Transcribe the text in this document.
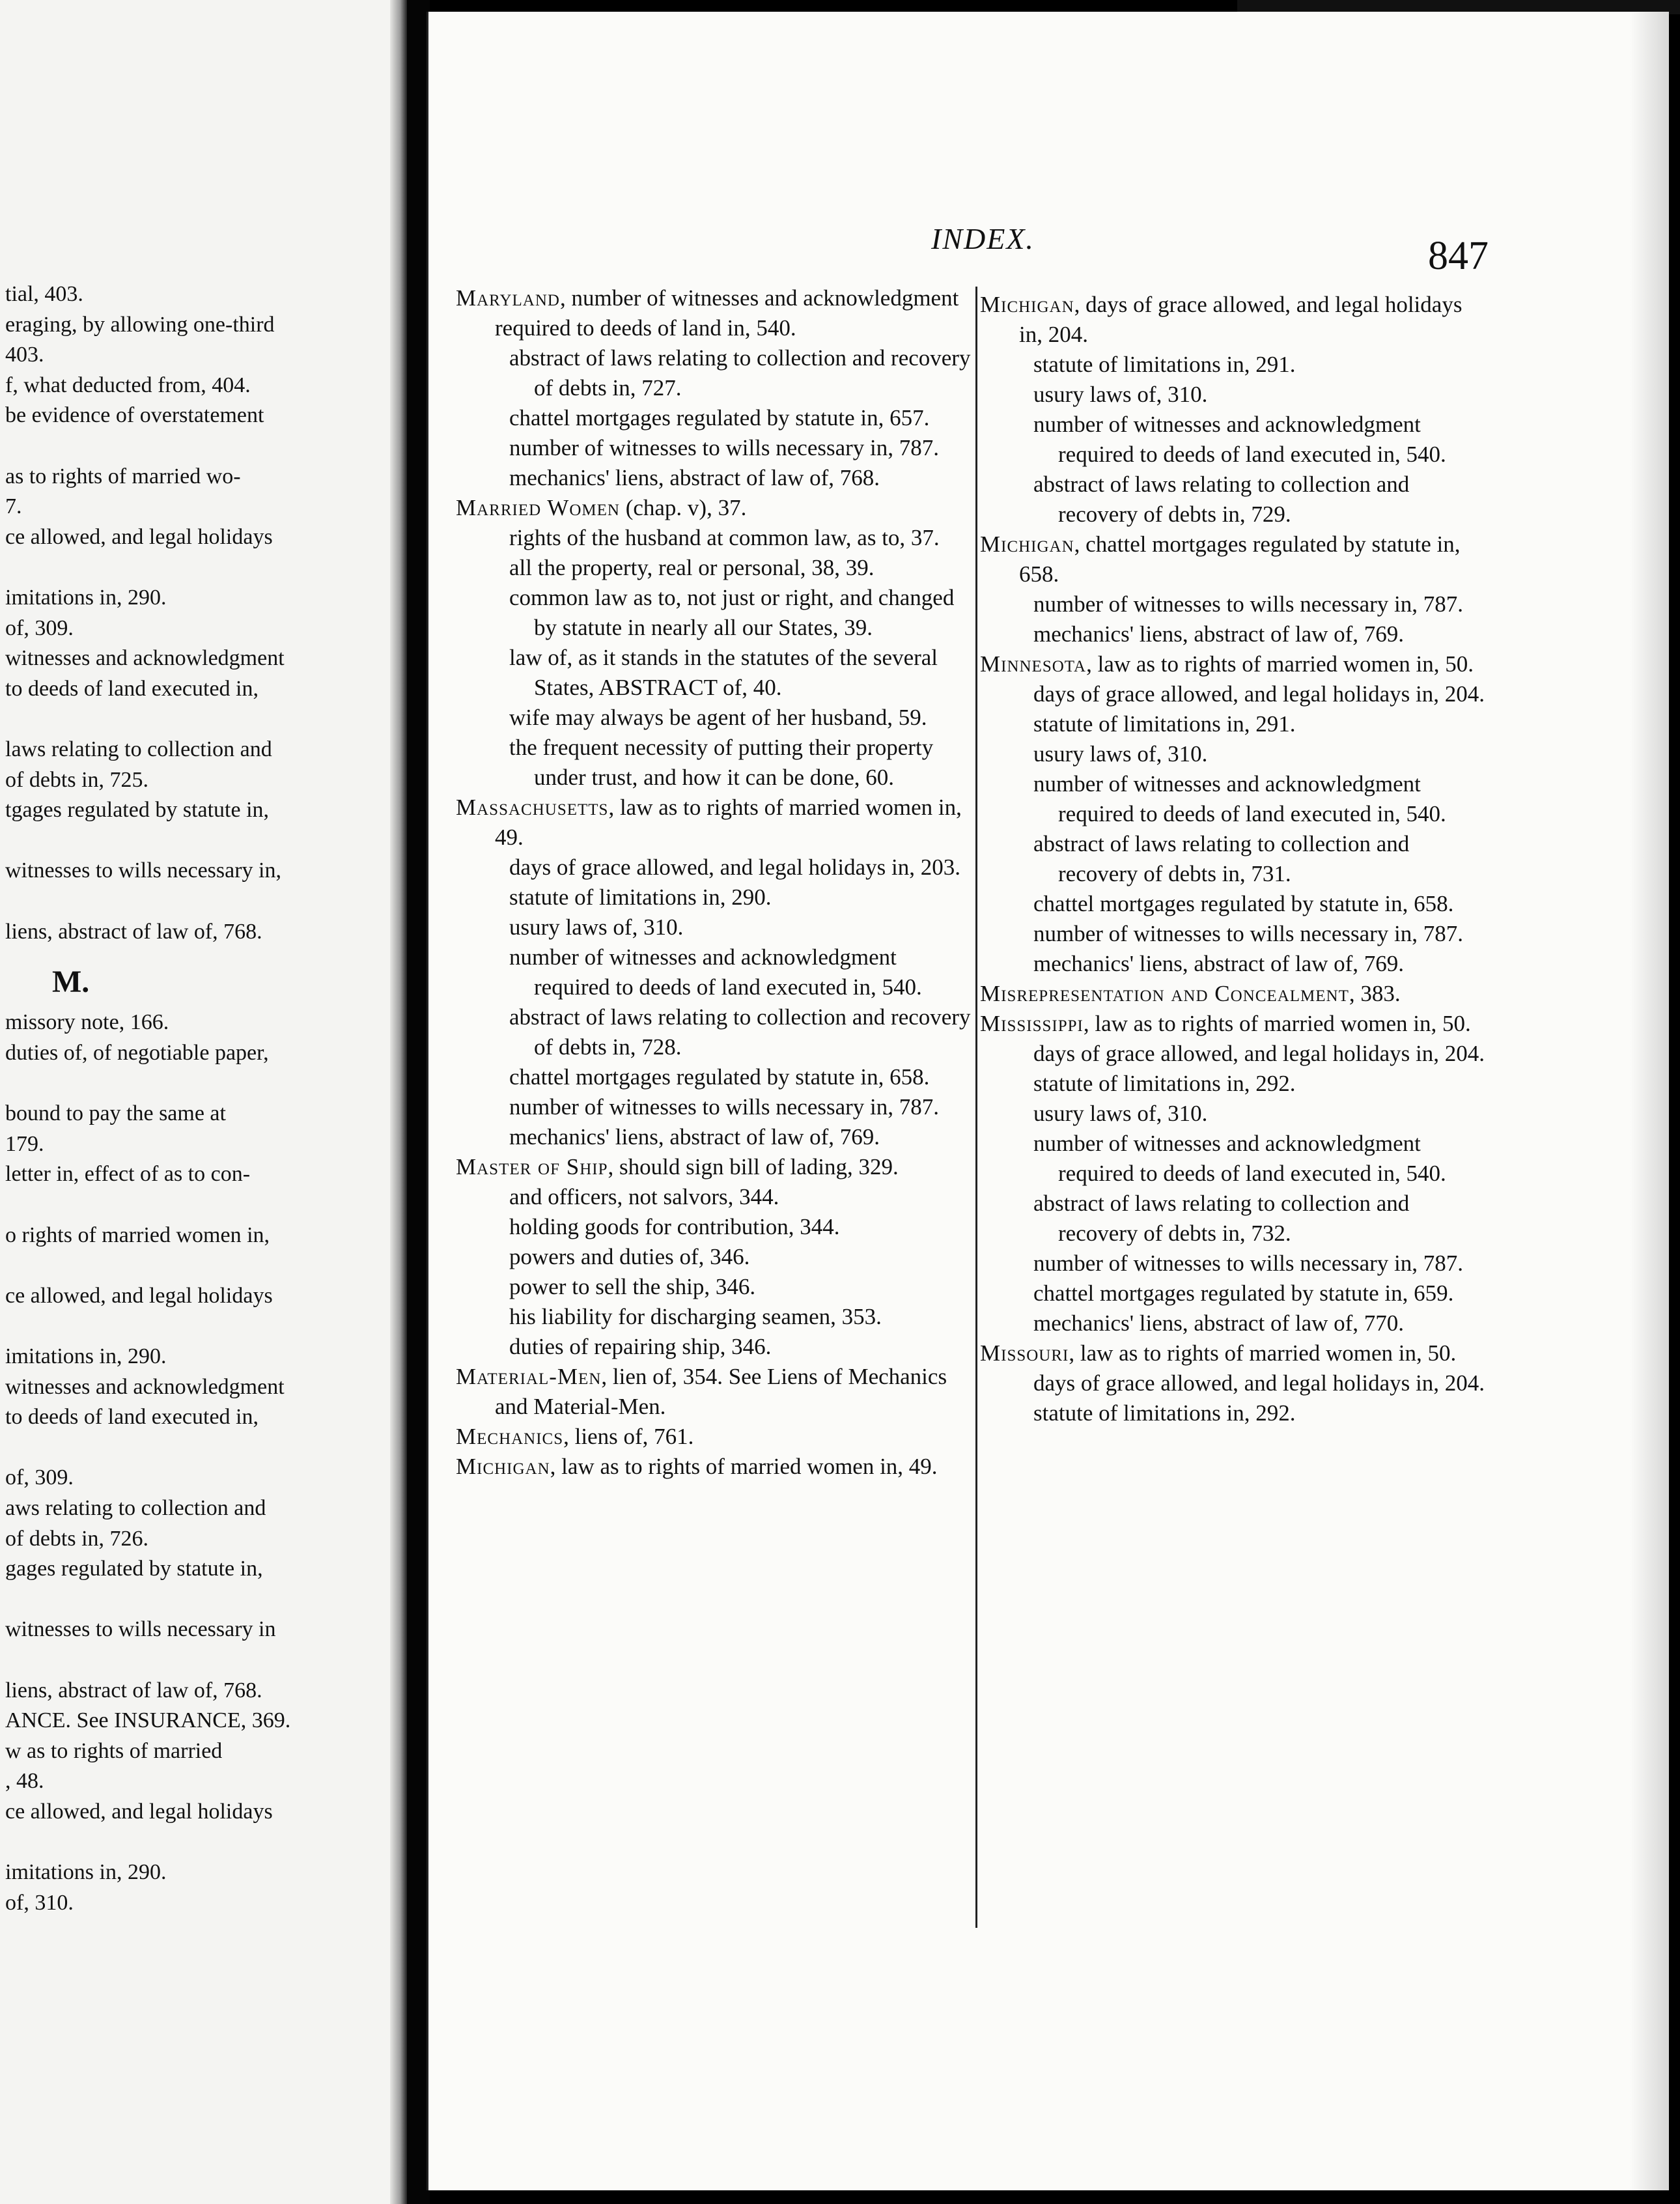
tial, 403.
eraging, by allowing one-third
403.
f, what deducted from, 404.
be evidence of overstatement
as to rights of married wo-
7.
ce allowed, and legal holidays
imitations in, 290.
of, 309.
witnesses and acknowledgment
to deeds of land executed in,
laws relating to collection and
of debts in, 725.
tgages regulated by statute in,
witnesses to wills necessary in,
liens, abstract of law of, 768.
missory note, 166.
duties of, of negotiable paper,
bound to pay the same at
179.
letter in, effect of as to con-
o rights of married women in,
ce allowed, and legal holidays
imitations in, 290.
witnesses and acknowledgment
to deeds of land executed in,
of, 309.
aws relating to collection and
of debts in, 726.
gages regulated by statute in,
witnesses to wills necessary in
liens, abstract of law of, 768.
ANCE. See INSURANCE, 369.
w as to rights of married
, 48.
ce allowed, and legal holidays
imitations in, 290.
of, 310.
M.
INDEX.	847
Maryland, number of witnesses and acknowledgment required to deeds of land in, 540.
abstract of laws relating to collection and recovery of debts in, 727.
chattel mortgages regulated by statute in, 657.
number of witnesses to wills necessary in, 787.
mechanics' liens, abstract of law of, 768.
Married Women (chap. v), 37.
rights of the husband at common law, as to, 37.
all the property, real or personal, 38, 39.
common law as to, not just or right, and changed by statute in nearly all our States, 39.
law of, as it stands in the statutes of the several States, ABSTRACT of, 40.
wife may always be agent of her husband, 59.
the frequent necessity of putting their property under trust, and how it can be done, 60.
Massachusetts, law as to rights of married women in, 49.
days of grace allowed, and legal holidays in, 203.
statute of limitations in, 290.
usury laws of, 310.
number of witnesses and acknowledgment required to deeds of land executed in, 540.
abstract of laws relating to collection and recovery of debts in, 728.
chattel mortgages regulated by statute in, 658.
number of witnesses to wills necessary in, 787.
mechanics' liens, abstract of law of, 769.
Master of Ship, should sign bill of lading, 329.
and officers, not salvors, 344.
holding goods for contribution, 344.
powers and duties of, 346.
power to sell the ship, 346.
his liability for discharging seamen, 353.
duties of repairing ship, 346.
Material-Men, lien of, 354. See Liens of Mechanics and Material-Men.
Mechanics, liens of, 761.
Michigan, law as to rights of married women in, 49.
Michigan, days of grace allowed, and legal holidays in, 204.
statute of limitations in, 291.
usury laws of, 310.
number of witnesses and acknowledgment required to deeds of land executed in, 540.
abstract of laws relating to collection and recovery of debts in, 729.
Michigan, chattel mortgages regulated by statute in, 658.
number of witnesses to wills necessary in, 787.
mechanics' liens, abstract of law of, 769.
Minnesota, law as to rights of married women in, 50.
days of grace allowed, and legal holidays in, 204.
statute of limitations in, 291.
usury laws of, 310.
number of witnesses and acknowledgment required to deeds of land executed in, 540.
abstract of laws relating to collection and recovery of debts in, 731.
chattel mortgages regulated by statute in, 658.
number of witnesses to wills necessary in, 787.
mechanics' liens, abstract of law of, 769.
Misrepresentation and Concealment, 383.
Mississippi, law as to rights of married women in, 50.
days of grace allowed, and legal holidays in, 204.
statute of limitations in, 292.
usury laws of, 310.
number of witnesses and acknowledgment required to deeds of land executed in, 540.
abstract of laws relating to collection and recovery of debts in, 732.
number of witnesses to wills necessary in, 787.
chattel mortgages regulated by statute in, 659.
mechanics' liens, abstract of law of, 770.
Missouri, law as to rights of married women in, 50.
days of grace allowed, and legal holidays in, 204.
statute of limitations in, 292.
